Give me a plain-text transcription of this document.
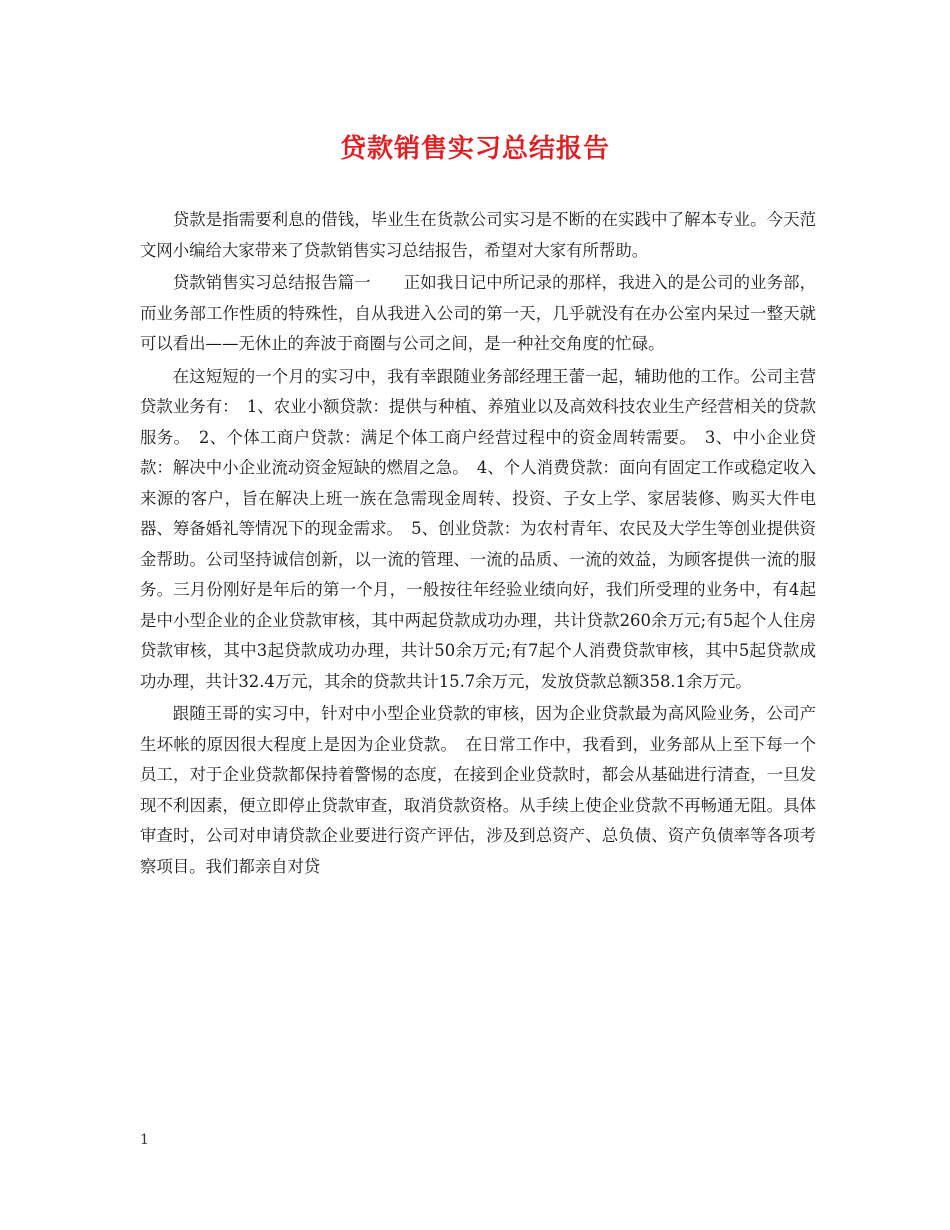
贷款销售实习总结报告

贷款是指需要利息的借钱，毕业生在货款公司实习是不断的在实践中了解本专业。今天范文网小编给大家带来了贷款销售实习总结报告，希望对大家有所帮助。

贷款销售实习总结报告篇一　　正如我日记中所记录的那样，我进入的是公司的业务部，而业务部工作性质的特殊性，自从我进入公司的第一天，几乎就没有在办公室内呆过一整天就可以看出——无休止的奔波于商圈与公司之间，是一种社交角度的忙碌。

在这短短的一个月的实习中，我有幸跟随业务部经理王蕾一起，辅助他的工作。公司主营贷款业务有：　1、农业小额贷款：提供与种植、养殖业以及高效科技农业生产经营相关的贷款服务。　2、个体工商户贷款：满足个体工商户经营过程中的资金周转需要。　3、中小企业贷款：解决中小企业流动资金短缺的燃眉之急。　4、个人消费贷款：面向有固定工作或稳定收入来源的客户，旨在解决上班一族在急需现金周转、投资、子女上学、家居装修、购买大件电器、筹备婚礼等情况下的现金需求。　5、创业贷款：为农村青年、农民及大学生等创业提供资金帮助。公司坚持诚信创新，以一流的管理、一流的品质、一流的效益，为顾客提供一流的服务。三月份刚好是年后的第一个月，一般按往年经验业绩向好，我们所受理的业务中，有4起是中小型企业的企业贷款审核，其中两起贷款成功办理，共计贷款260余万元;有5起个人住房贷款审核，其中3起贷款成功办理，共计50余万元;有7起个人消费贷款审核，其中5起贷款成功办理，共计32.4万元，其余的贷款共计15.7余万元，发放贷款总额358.1余万元。

跟随王哥的实习中，针对中小型企业贷款的审核，因为企业贷款最为高风险业务，公司产生坏帐的原因很大程度上是因为企业贷款。　在日常工作中，我看到，业务部从上至下每一个员工，对于企业贷款都保持着警惕的态度，在接到企业贷款时，都会从基础进行清查，一旦发现不利因素，便立即停止贷款审查，取消贷款资格。从手续上使企业贷款不再畅通无阻。具体审查时，公司对申请贷款企业要进行资产评估，涉及到总资产、总负债、资产负债率等各项考察项目。我们都亲自对贷

1
